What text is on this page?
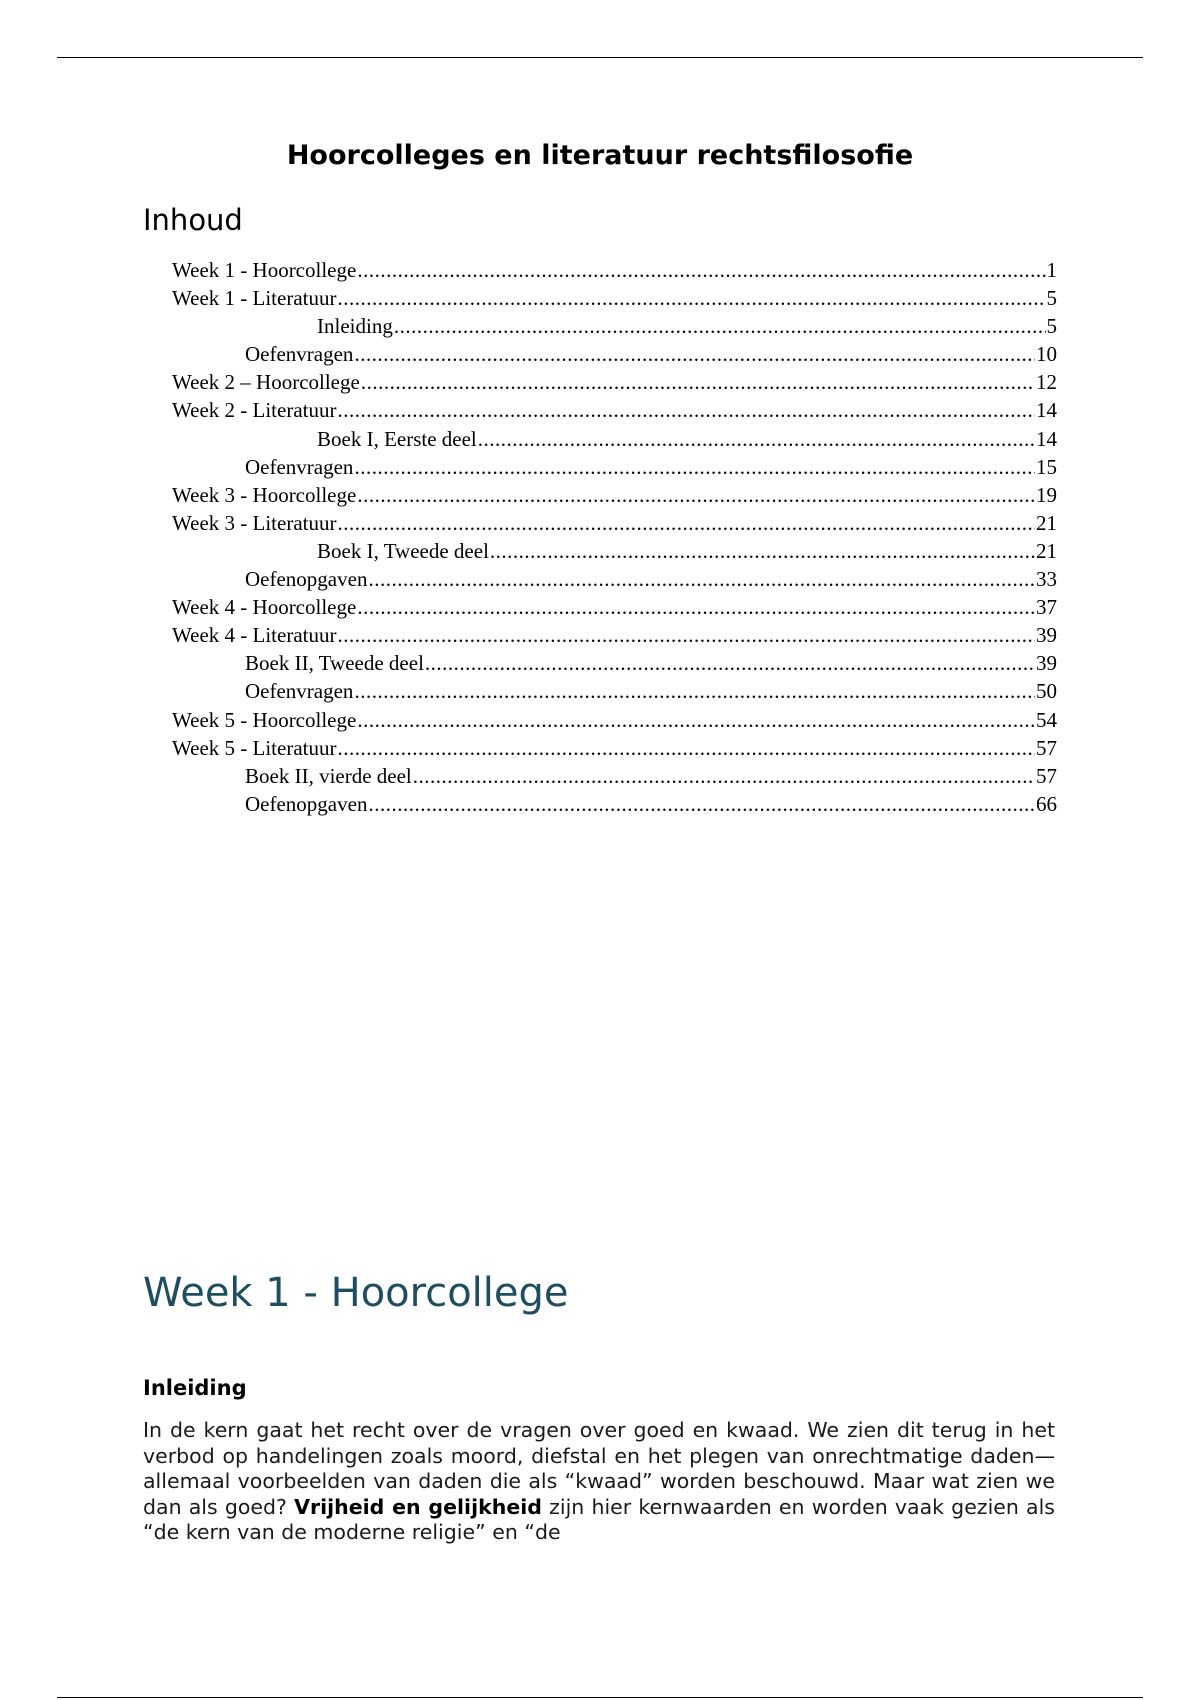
Hoorcolleges en literatuur rechtsfilosofie
Inhoud
Week 1 - Hoorcollege .....	1
Week 1 - Literatuur .....	5
Inleiding .....	5
Oefenvragen .....	10
Week 2 – Hoorcollege .....	12
Week 2 - Literatuur .....	14
Boek I, Eerste deel .....	14
Oefenvragen .....	15
Week 3 - Hoorcollege .....	19
Week 3 - Literatuur .....	21
Boek I, Tweede deel .....	21
Oefenopgaven .....	33
Week 4 - Hoorcollege .....	37
Week 4 - Literatuur .....	39
Boek II, Tweede deel .....	39
Oefenvragen .....	50
Week 5 - Hoorcollege .....	54
Week 5 - Literatuur .....	57
Boek II, vierde deel .....	57
Oefenopgaven .....	66
Week 1 - Hoorcollege
Inleiding

In de kern gaat het recht over de vragen over goed en kwaad. We zien dit terug in het verbod op handelingen zoals moord, diefstal en het plegen van onrechtmatige daden—allemaal voorbeelden van daden die als “kwaad” worden beschouwd. Maar wat zien we dan als goed? Vrijheid en gelijkheid zijn hier kernwaarden en worden vaak gezien als “de kern van de moderne religie” en “de
